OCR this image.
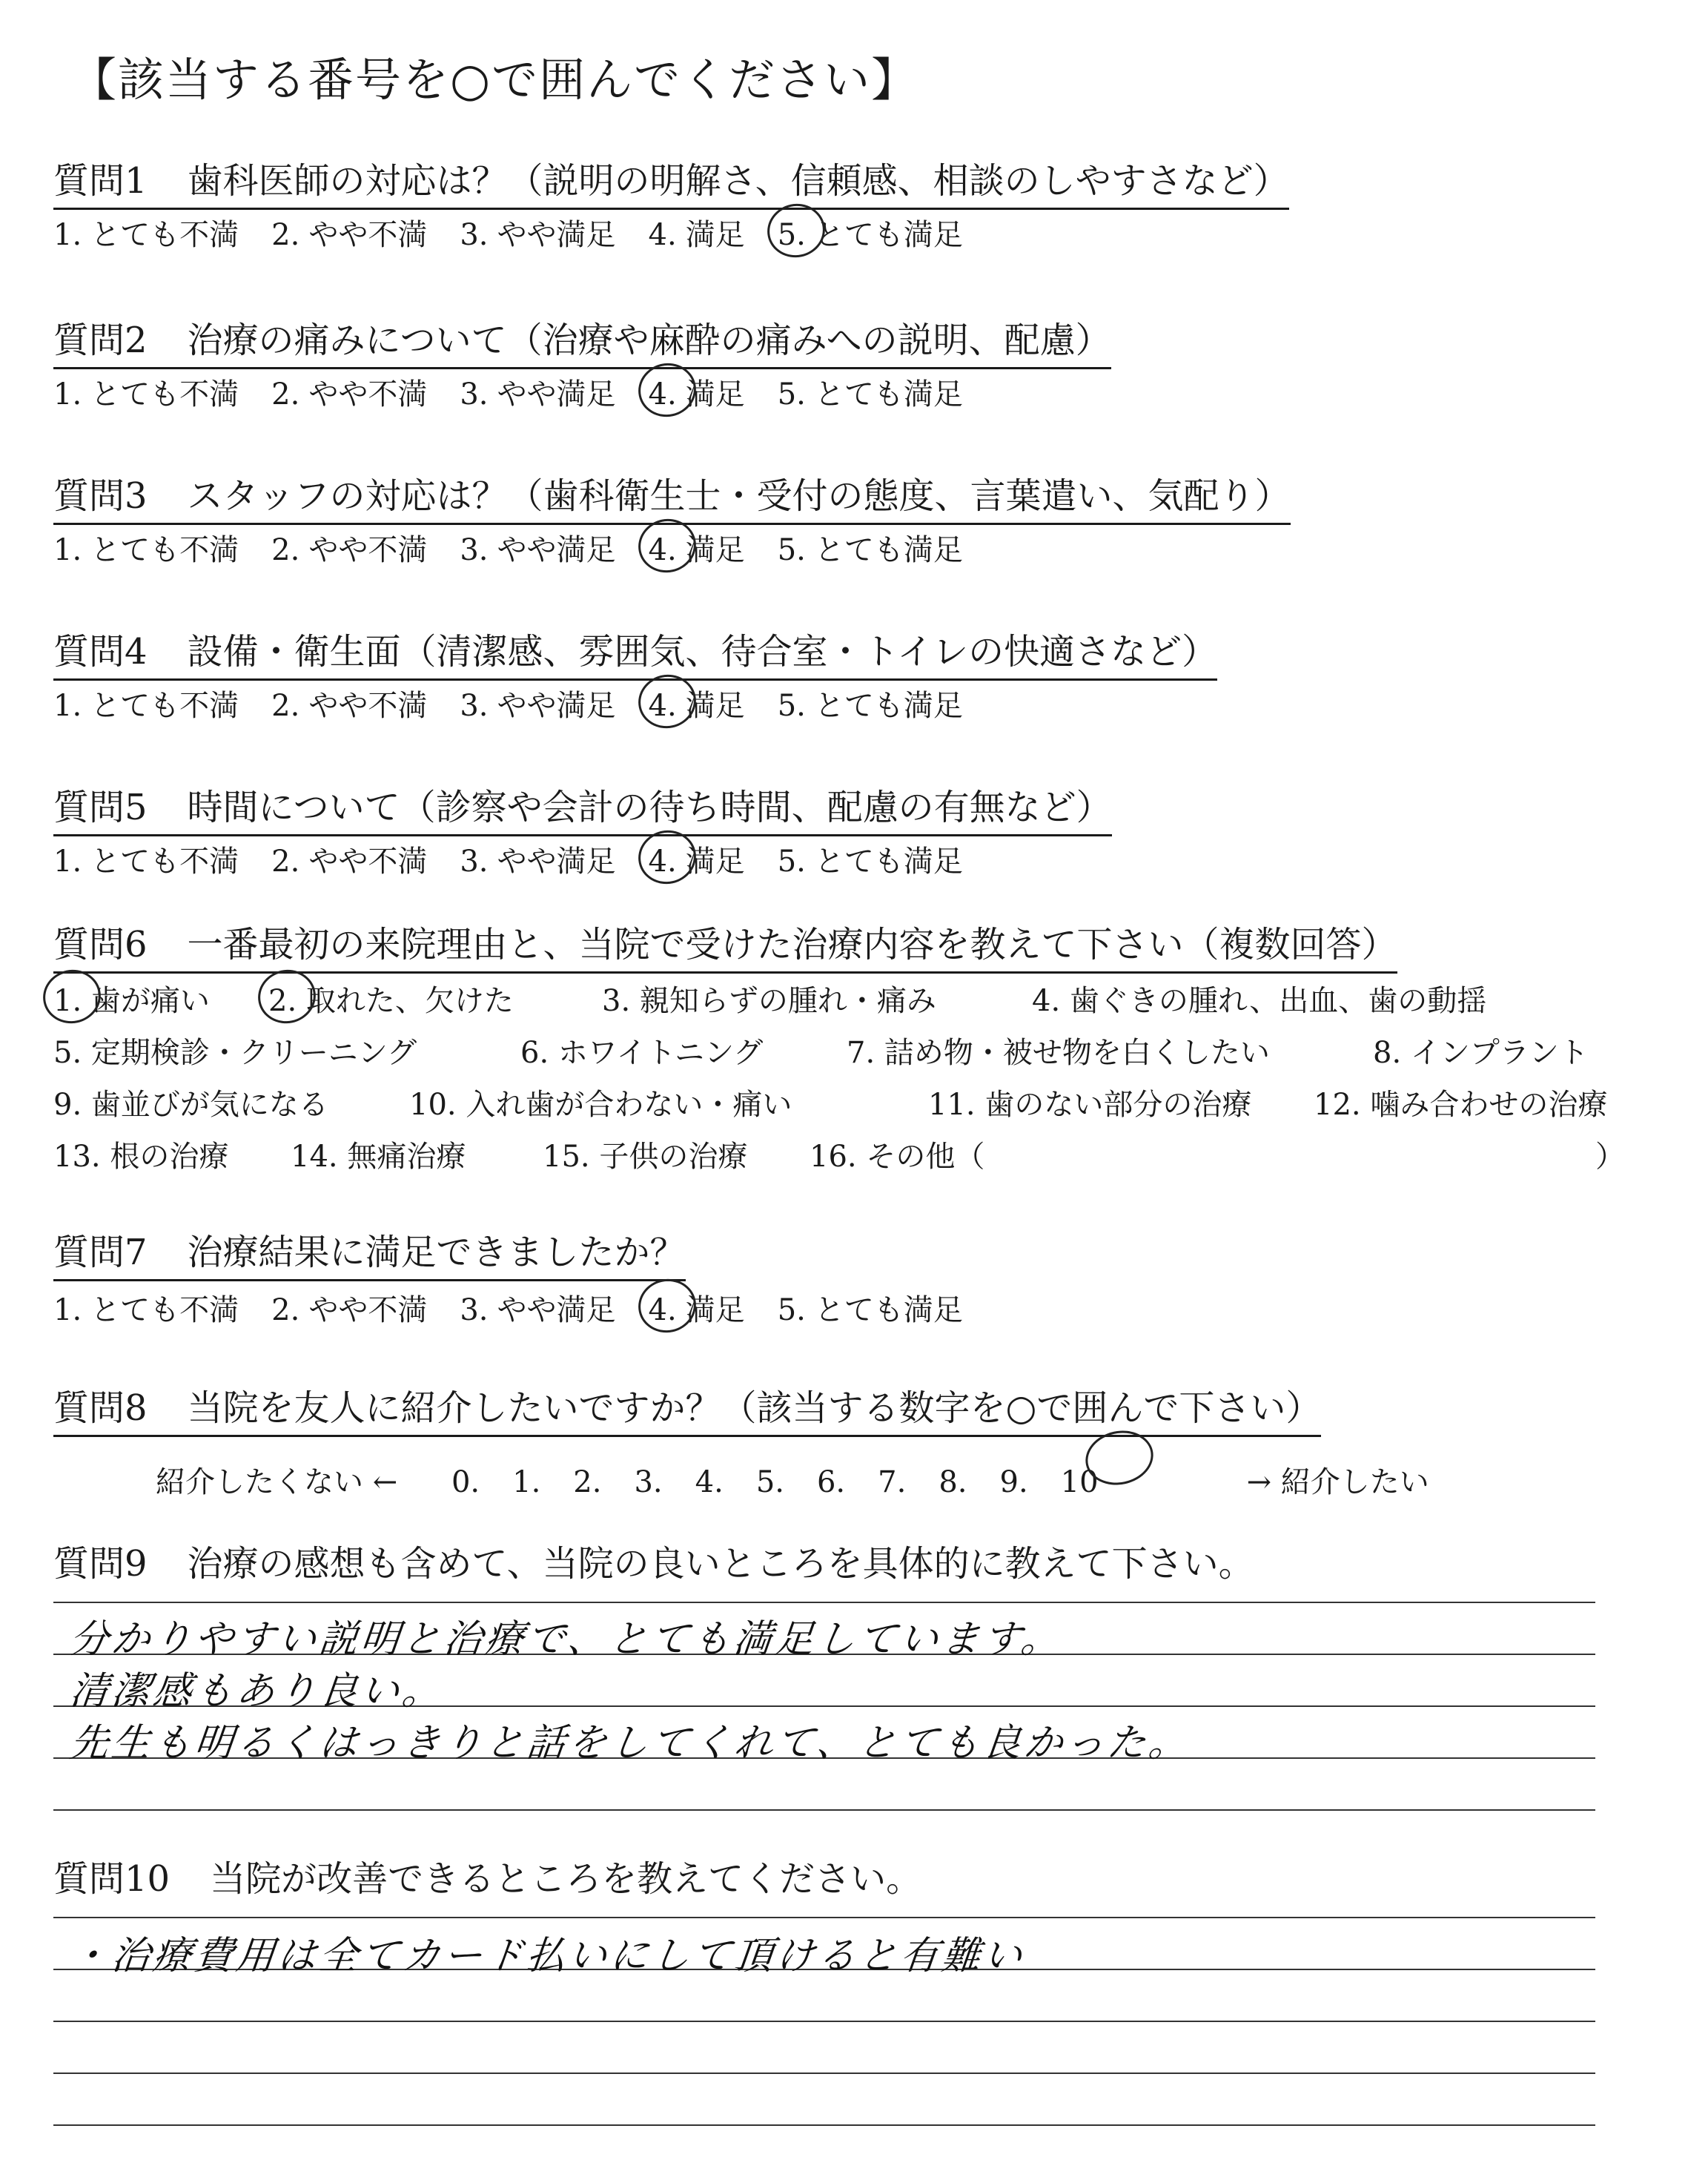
【該当する番号を○で囲んでください】
質問1 歯科医師の対応は？（説明の明解さ、信頼感、相談のしやすさなど）
1. とても不満 2. やや不満 3. やや満足 4. 満足 5. とても満足
質問2 治療の痛みについて（治療や麻酔の痛みへの説明、配慮）
1. とても不満 2. やや不満 3. やや満足 4. 満足 5. とても満足
質問3 スタッフの対応は？（歯科衛生士・受付の態度、言葉遣い、気配り）
1. とても不満 2. やや不満 3. やや満足 4. 満足 5. とても満足
質問4 設備・衛生面（清潔感、雰囲気、待合室・トイレの快適さなど）
1. とても不満 2. やや不満 3. やや満足 4. 満足 5. とても満足
質問5 時間について（診察や会計の待ち時間、配慮の有無など）
1. とても不満 2. やや不満 3. やや満足 4. 満足 5. とても満足
質問6 一番最初の来院理由と、当院で受けた治療内容を教えて下さい（複数回答）
1. 歯が痛い 2. 取れた、欠けた	3. 親知らずの腫れ・痛み	4. 歯ぐきの腫れ、出血、歯の動揺
5. 定期検診・クリーニング	6. ホワイトニング	7. 詰め物・被せ物を白くしたい	8. インプラント
9. 歯並びが気になる	10. 入れ歯が合わない・痛い	11. 歯のない部分の治療 12. 噛み合わせの治療
13. 根の治療 14. 無痛治療	15. 子供の治療 16. その他（	）
質問7 治療結果に満足できましたか？
1. とても不満 2. やや不満 3. やや満足 4. 満足 5. とても満足
質問8 当院を友人に紹介したいですか？（該当する数字を○で囲んで下さい）
紹介したくない ← 0. 1. 2. 3. 4. 5. 6. 7. 8. 9. 10	→ 紹介したい
質問9 治療の感想も含めて、当院の良いところを具体的に教えて下さい。
分かりやすい説明と治療で、とても満足しています。
清潔感もあり良い。
先生も明るくはっきりと話をしてくれて、とても良かった。
質問10 当院が改善できるところを教えてください。
・治療費用は全てカード払いにして頂けると有難い
